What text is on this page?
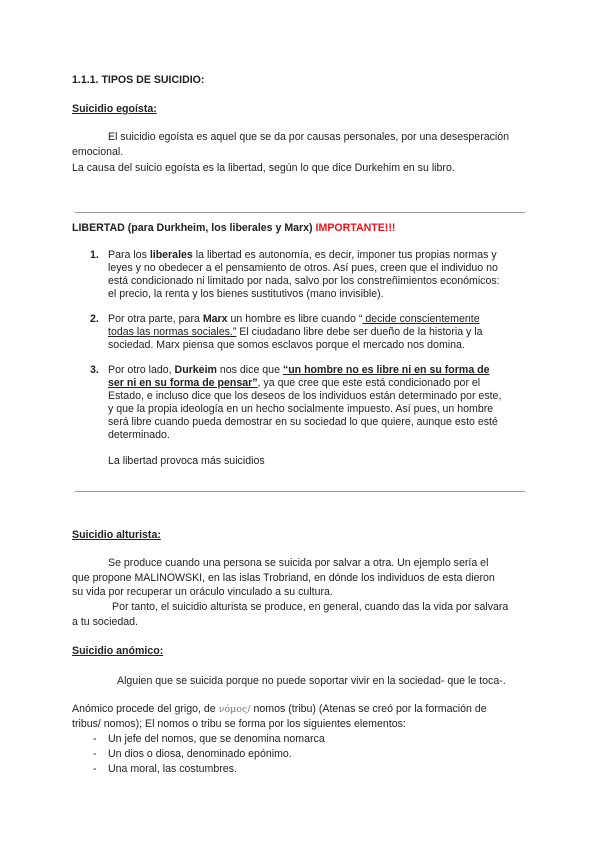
1.1.1. TIPOS DE SUICIDIO:
Suicidio egoísta:
El suicidio egoísta es aquel que se da por causas personales, por una desesperación
emocional.
La causa del suicio egoísta es la libertad, según lo que dice Durkehim en su libro.
LIBERTAD (para Durkheim, los liberales y Marx) IMPORTANTE!!!
1. Para los liberales la libertad es autonomía, es decir, imponer tus propias normas y
leyes y no obedecer a el pensamiento de otros. Así pues, creen que el individuo no
está condicionado ni limitado por nada, salvo por los constreñimientos económicos:
el precio, la renta y los bienes sustitutivos (mano invisible).
2. Por otra parte, para Marx un hombre es libre cuando “ decide conscientemente
todas las normas sociales.” El ciudadano libre debe ser dueño de la historia y la
sociedad. Marx piensa que somos esclavos porque el mercado nos domina.
3. Por otro lado, Durkeim nos dice que “un hombre no es libre ni en su forma de
ser ni en su forma de pensar”, ya que cree que este está condicionado por el
Estado, e incluso dice que los deseos de los individuos están determinado por este,
y que la propia ideología en un hecho socialmente impuesto. Así pues, un hombre
será libre cuando pueda demostrar en su sociedad lo que quiere, aunque esto esté
determinado.
La libertad provoca más suicidios
Suicidio alturista:
Se produce cuando una persona se suicida por salvar a otra. Un ejemplo sería el
que propone MALINOWSKI, en las islas Trobriand, en dónde los individuos de esta dieron
su vida por recuperar un oráculo vinculado a su cultura.
Por tanto, el suicidio alturista se produce, en general, cuando das la vida por salvara
a tu sociedad.
Suicidio anómico:
Alguien que se suicida porque no puede soportar vivir en la sociedad- que le toca-.
Anómico procede del grigo, de νόμος/ nomos (tribu) (Atenas se creó por la formación de
tribus/ nomos); El nomos o tribu se forma por los siguientes elementos:
- Un jefe del nomos, que se denomina nomarca
- Un dios o diosa, denominado epónimo.
- Una moral, las costumbres.
